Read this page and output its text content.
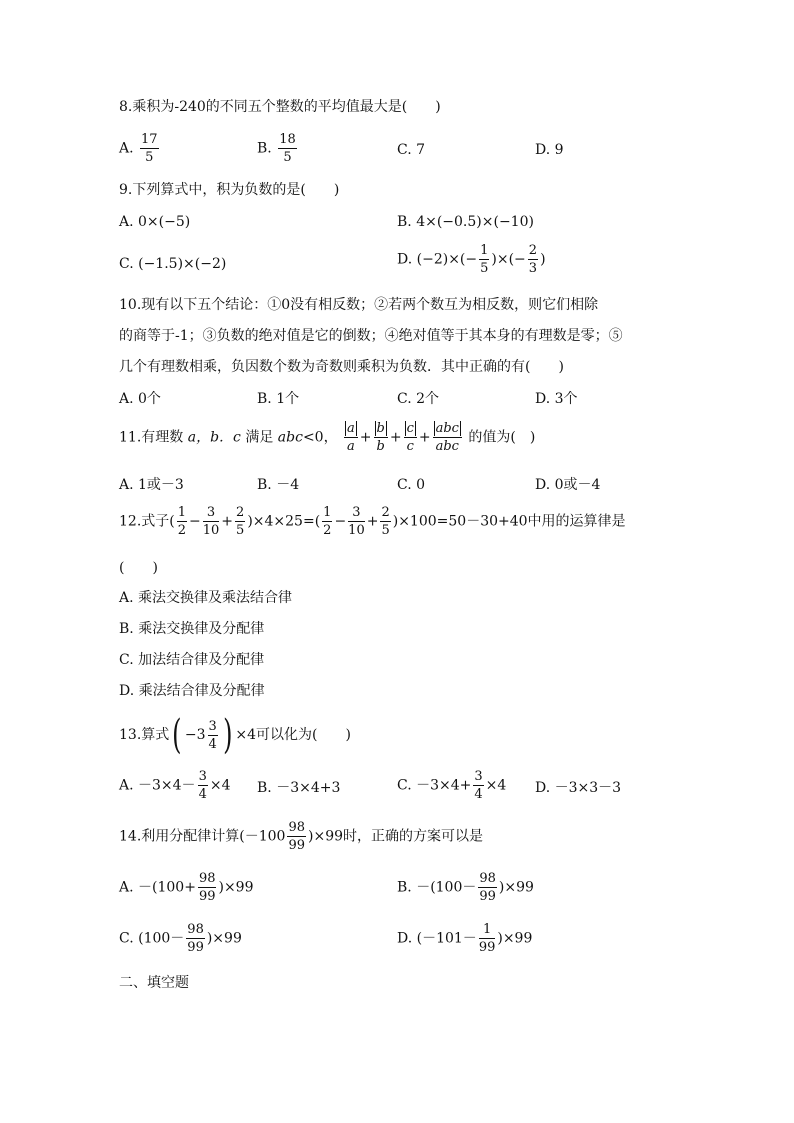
8.乘积为-240的不同五个整数的平均值最大是(　　)
A. $\frac{17}{5}$	B. $\frac{18}{5}$	C. 7	D. 9
9.下列算式中，积为负数的是(　　)
A. 0×(−5)	B. 4×(−0.5)×(−10)
C. (−1.5)×(−2)	D. $(-2)\times(- \frac{1}{5}$ )×(− $\frac{2}{3}$ )
10.现有以下五个结论：①0没有相反数；②若两个数互为相反数，则它们相除
的商等于-1；③负数的绝对值是它的倒数；④绝对值等于其本身的有理数是零；⑤
几个有理数相乘，负因数个数为奇数则乘积为负数．其中正确的有(　　)
A. 0个	B. 1个	C. 2个	D. 3个
11.有理数 a，b．c 满足 abc<0， $\frac{a}{a} + \frac{b}{b} + \frac{c}{c} + \frac{\text{abc}}{\text{abc}}$ 的值为(　)
A. 1或－3	B. －4	C. 0	D. 0或－4
12.式子( $\frac{1}{2} - \frac{3}{10} + \frac{2}{5} )\times 4\times 25=( \frac{1}{2} - \frac{3}{10} + \frac{2}{5} )\times 100=50-30+40$中用的运算律是
(　　)
A. 乘法交换律及乘法结合律
B. 乘法交换律及分配律
C. 加法结合律及分配律
D. 乘法结合律及分配律
13.算式( $-3 \frac{3}{4}$ ) ×4可以化为(　　)
A. $-3\times 4- \frac{3}{4} \times 4$ B. －3×4+3	C. $-3\times 4+ \frac{3}{4} \times 4$ D. －3×3－3
14.利用分配律计算$(-100 \frac{98}{99} )\times 99$时，正确的方案可以是
A. $-(100+ \frac{98}{99} )\times 99$	B. $-(100- \frac{98}{99} )\times 99$
C. $(100- \frac{98}{99} )\times 99$	D. $(-101- \frac{1}{99} )\times 99$
二、填空题
